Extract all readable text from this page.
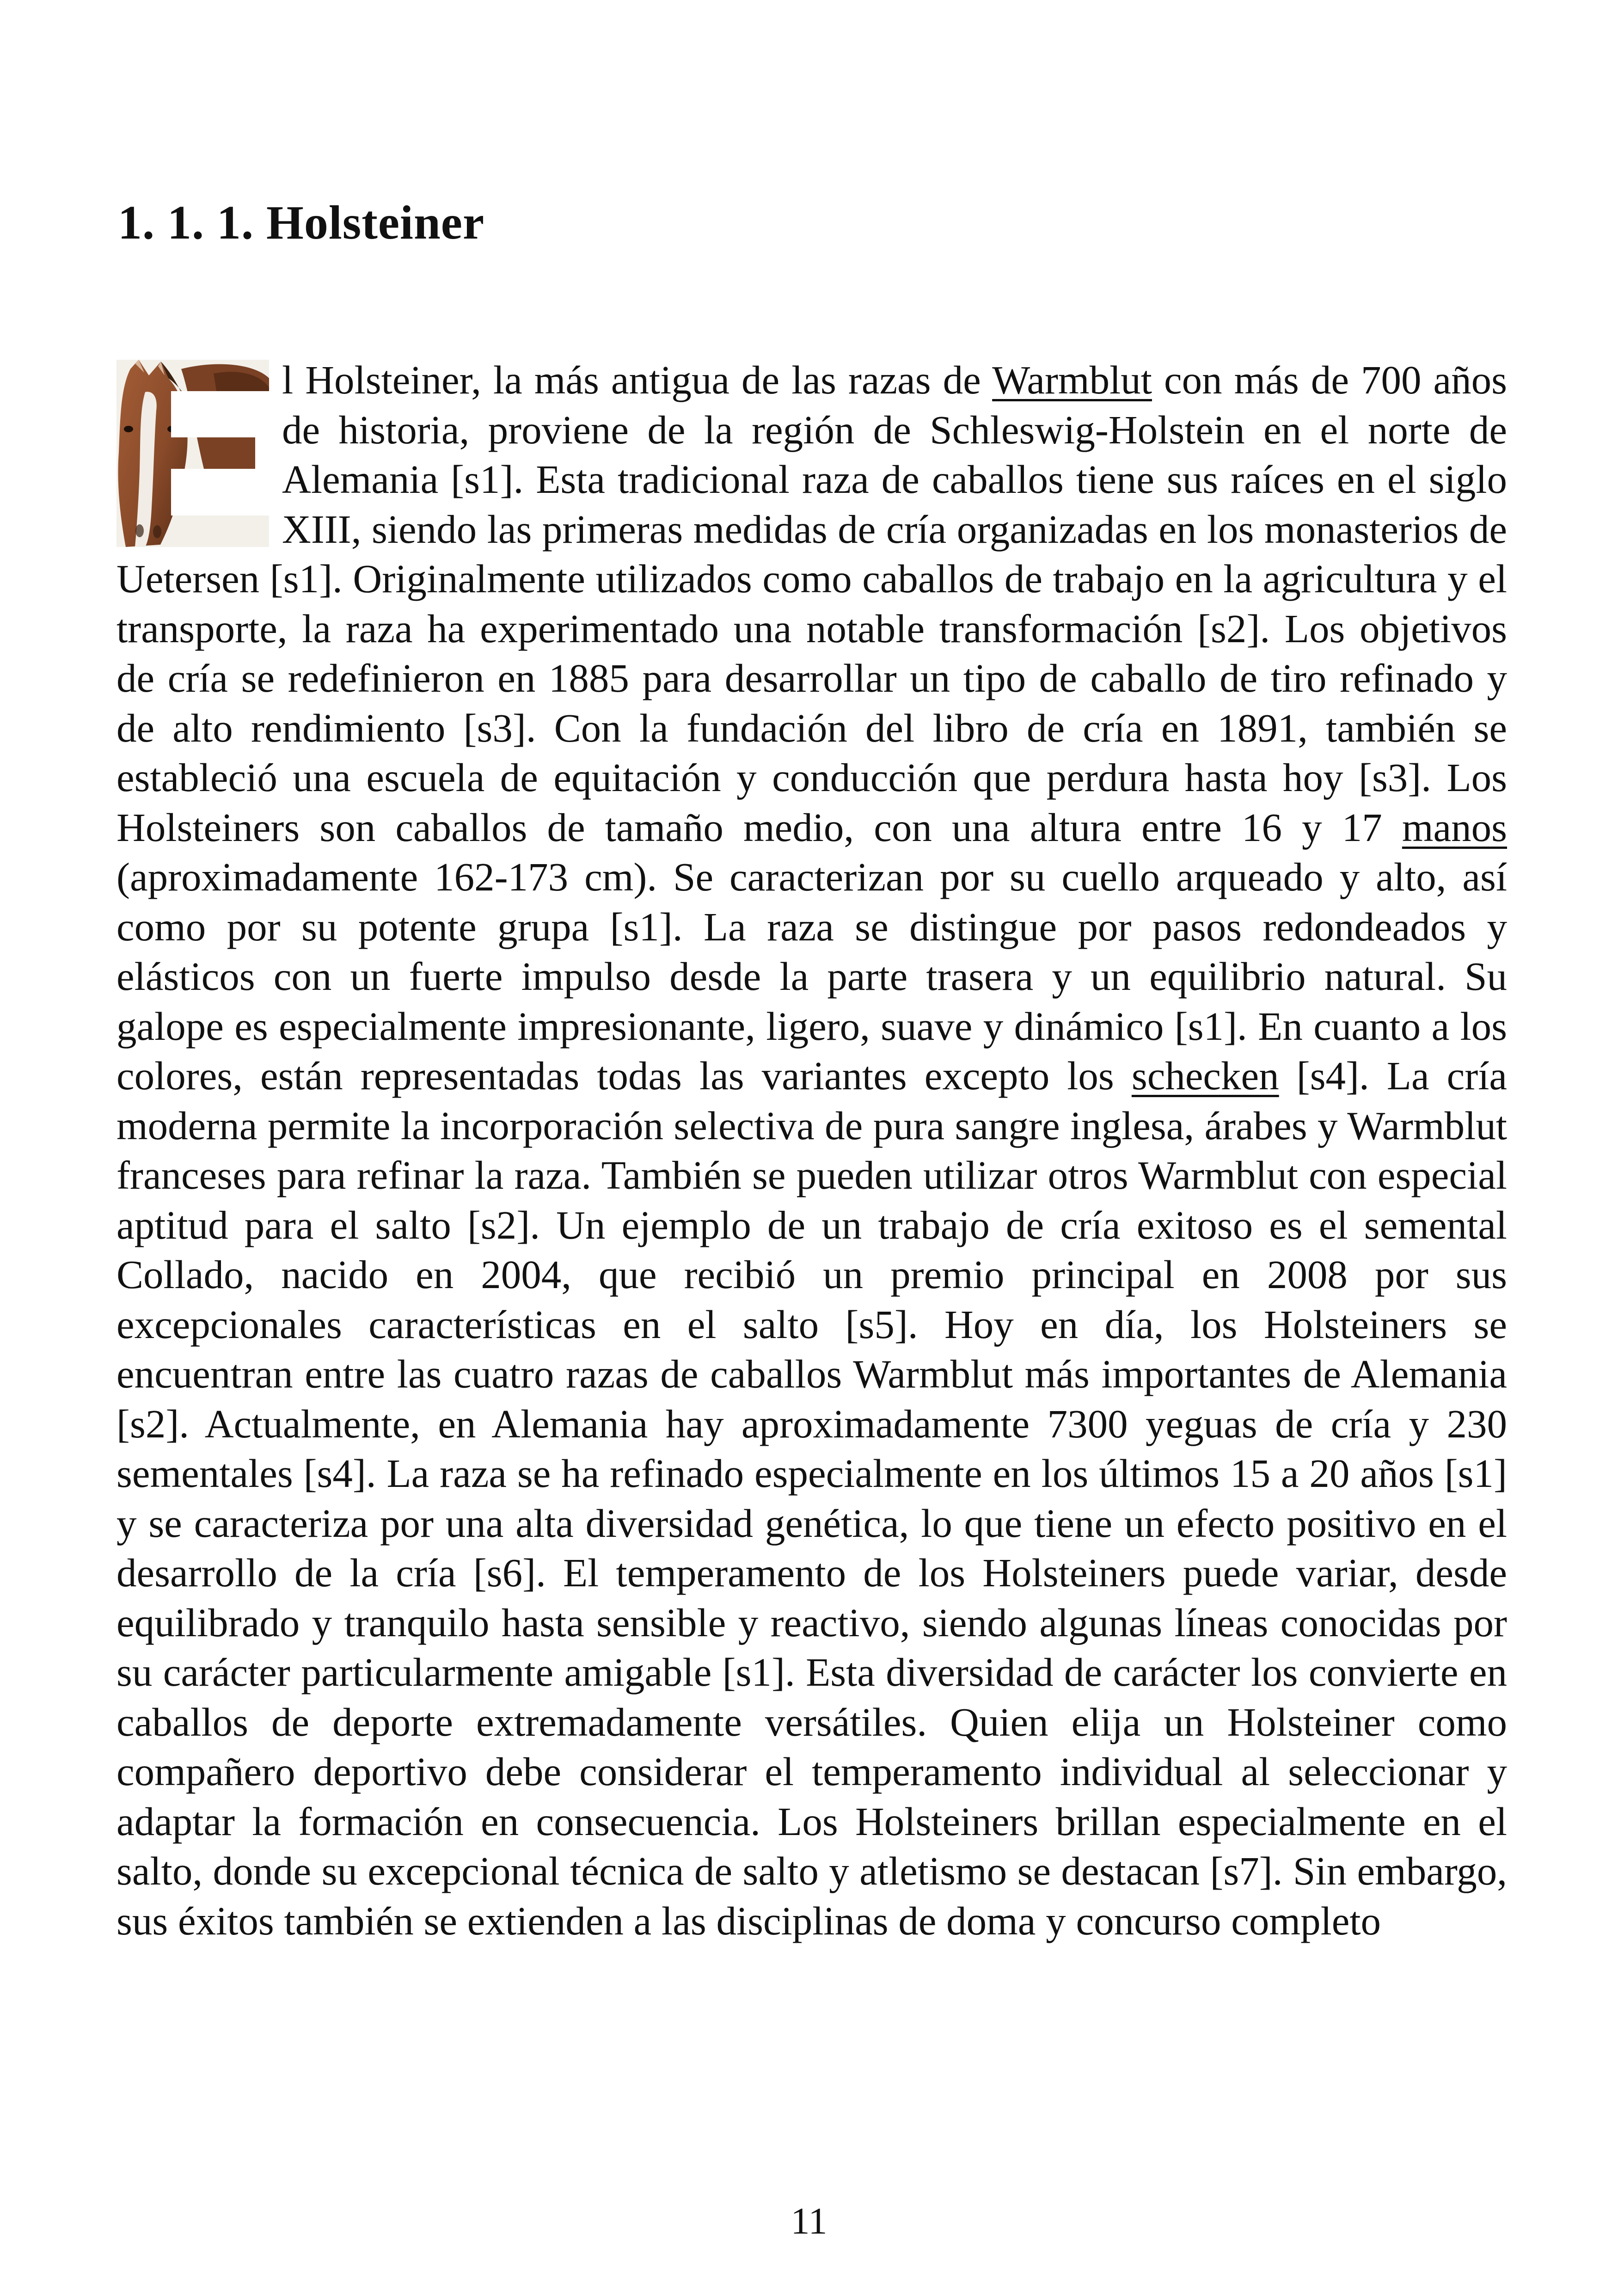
1. 1. 1. Holsteiner

l Holsteiner, la más antigua de las razas de Warmblut con más de 700 años de historia, proviene de la región de Schleswig-Holstein en el norte de Alemania [s1]. Esta tradicional raza de caballos tiene sus raíces en el siglo XIII, siendo las primeras medidas de cría organizadas en los monasterios de Uetersen [s1]. Originalmente utilizados como caballos de trabajo en la agricultura y el transporte, la raza ha experimentado una notable transformación [s2]. Los objetivos de cría se redefinieron en 1885 para desarrollar un tipo de caballo de tiro refinado y de alto rendimiento [s3]. Con la fundación del libro de cría en 1891, también se estableció una escuela de equitación y conducción que perdura hasta hoy [s3]. Los Holsteiners son caballos de tamaño medio, con una altura entre 16 y 17 manos (aproximadamente 162-173 cm). Se caracterizan por su cuello arqueado y alto, así como por su potente grupa [s1]. La raza se distingue por pasos redondeados y elásticos con un fuerte impulso desde la parte trasera y un equilibrio natural. Su galope es especialmente impresionante, ligero, suave y dinámico [s1]. En cuanto a los colores, están representadas todas las variantes excepto los schecken [s4]. La cría moderna permite la incorporación selectiva de pura sangre inglesa, árabes y Warmblut franceses para refinar la raza. También se pueden utilizar otros Warmblut con especial aptitud para el salto [s2]. Un ejemplo de un trabajo de cría exitoso es el semental Collado, nacido en 2004, que recibió un premio principal en 2008 por sus excepcionales características en el salto [s5]. Hoy en día, los Holsteiners se encuentran entre las cuatro razas de caballos Warmblut más importantes de Alemania [s2]. Actualmente, en Alemania hay aproximadamente 7300 yeguas de cría y 230 sementales [s4]. La raza se ha refinado especialmente en los últimos 15 a 20 años [s1] y se caracteriza por una alta diversidad genética, lo que tiene un efecto positivo en el desarrollo de la cría [s6]. El temperamento de los Holsteiners puede variar, desde equilibrado y tranquilo hasta sensible y reactivo, siendo algunas líneas conocidas por su carácter particularmente amigable [s1]. Esta diversidad de carácter los convierte en caballos de deporte extremadamente versátiles. Quien elija un Holsteiner como compañero deportivo debe considerar el temperamento individual al seleccionar y adaptar la formación en consecuencia. Los Holsteiners brillan especialmente en el salto, donde su excepcional técnica de salto y atletismo se destacan [s7]. Sin embargo, sus éxitos también se extienden a las disciplinas de doma y concurso completo

11
